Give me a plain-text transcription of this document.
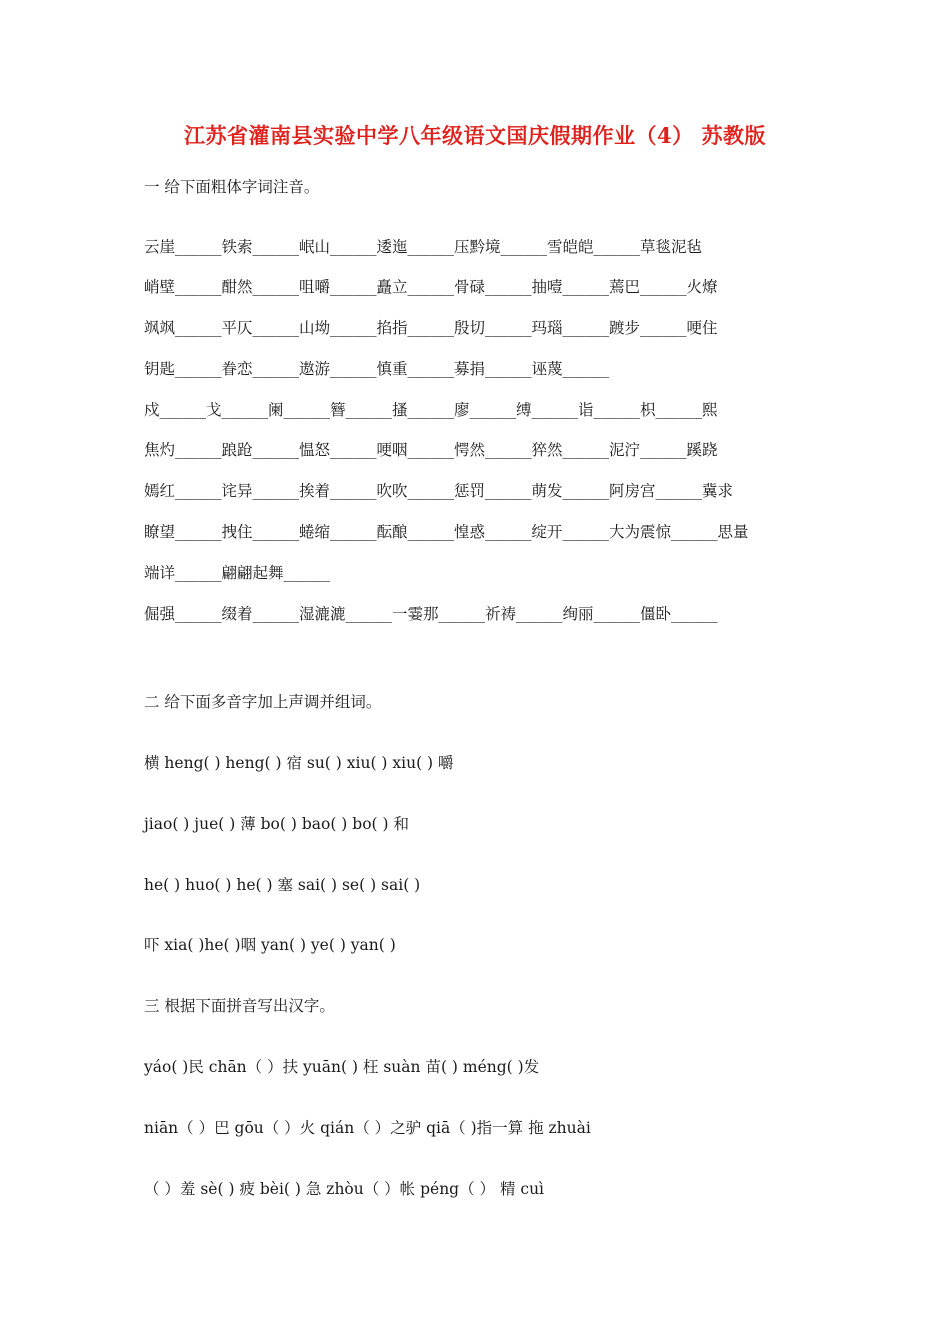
江苏省灌南县实验中学八年级语文国庆假期作业（4） 苏教版
一 给下面粗体字词注音。
云崖______铁索______岷山______逶迤______压黔境______雪皑皑______草毯泥毡
峭壁______酣然______咀嚼______矗立______骨碌______抽噎______蔫巴______火燎
飒飒______平仄______山坳______掐指______殷切______玛瑙______踱步______哽住
钥匙______眷恋______遨游______慎重______募捐______诬蔑______
戍______戈______阑______簪______搔______廖______缚______诣______枳______熙
焦灼______踉跄______愠怒______哽咽______愕然______猝然______泥泞______蹊跷
嫣红______诧异______挨着______吹吹______惩罚______萌发______阿房宫______冀求
瞭望______拽住______蜷缩______酝酿______惶惑______绽开______大为震惊______思量
端详______翩翩起舞______
倔强______缀着______湿漉漉______一霎那______祈祷______绚丽______僵卧______
二 给下面多音字加上声调并组词。
横 heng( ) heng( ) 宿 su( ) xiu( ) xiu( ) 嚼
jiao( ) jue( ) 薄 bo( ) bao( ) bo( ) 和
he( ) huo( ) he( ) 塞 sai( ) se( ) sai( )
吓 xia( )he( )咽 yan( ) ye( ) yan( )
三 根据下面拼音写出汉字。
yáo( )民 chān（ ）扶 yuān( ) 枉 suàn 苗( ) méng( )发
niān（ ）巴 gōu（ ）火 qián（ ）之驴 qiā（ )指一算 拖 zhuài
（ ）羞 sè( ) 疲 bèi( ) 急 zhòu（ ）帐 péng（ ） 精 cuì
